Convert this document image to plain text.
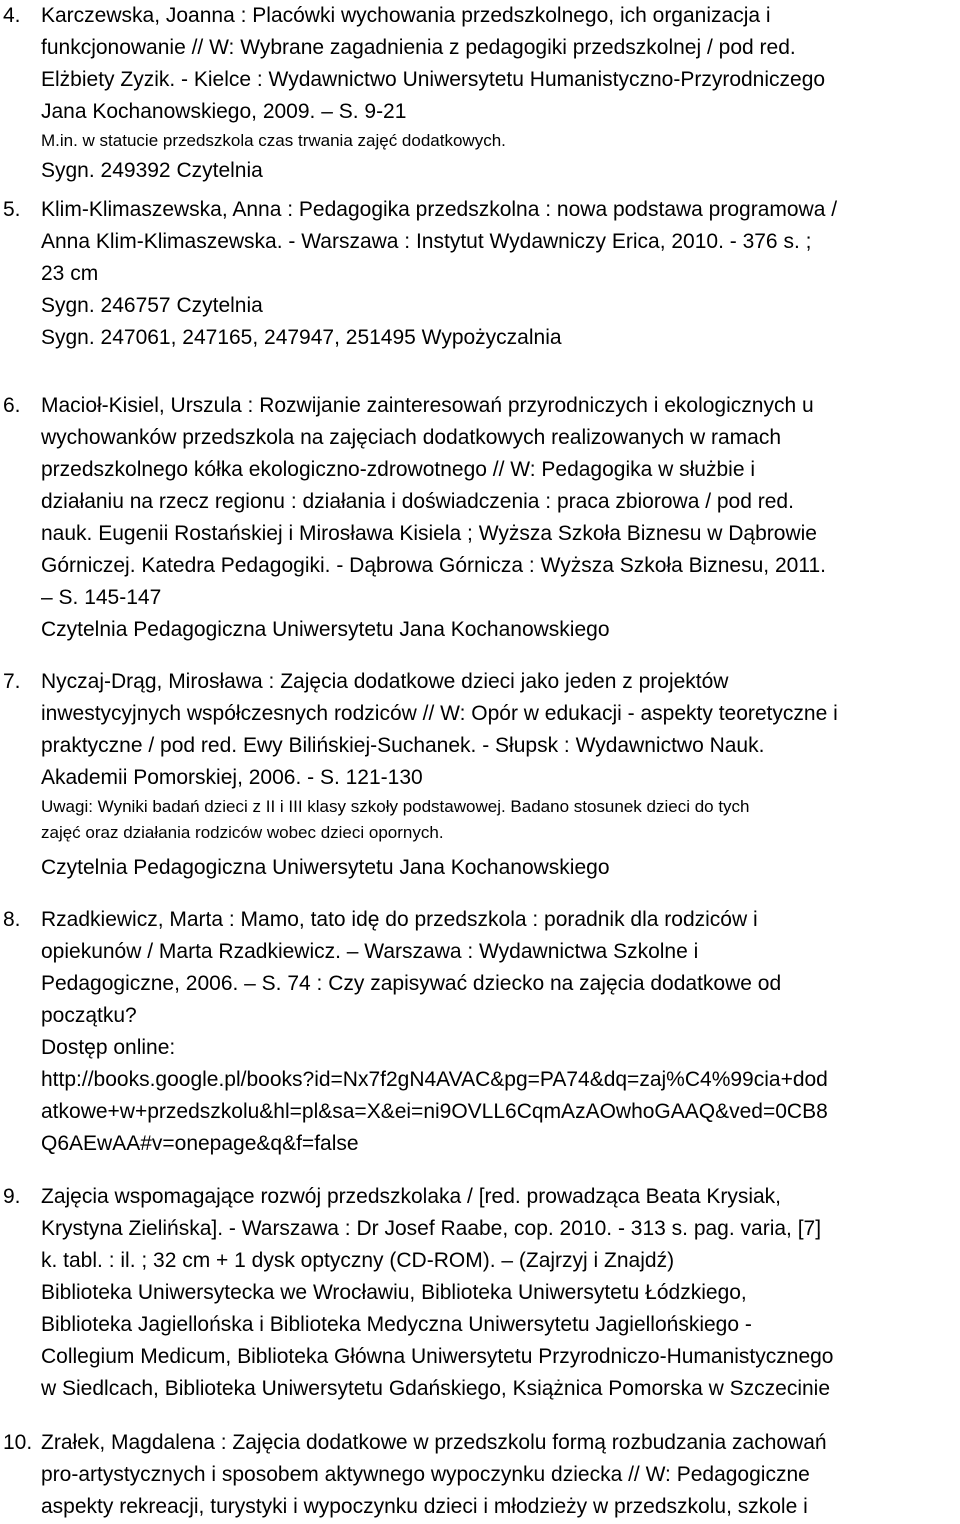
4. Karczewska, Joanna : Placówki wychowania przedszkolnego, ich organizacja i
funkcjonowanie // W: Wybrane zagadnienia z pedagogiki przedszkolnej / pod red.
Elżbiety Zyzik. - Kielce : Wydawnictwo Uniwersytetu Humanistyczno-Przyrodniczego
Jana Kochanowskiego, 2009. – S. 9-21
M.in. w statucie przedszkola czas trwania zajęć dodatkowych.
Sygn. 249392 Czytelnia
5. Klim-Klimaszewska, Anna : Pedagogika przedszkolna : nowa podstawa programowa /
Anna Klim-Klimaszewska. - Warszawa : Instytut Wydawniczy Erica, 2010. - 376 s. ;
23 cm
Sygn. 246757 Czytelnia
Sygn. 247061, 247165, 247947, 251495 Wypożyczalnia
6. Macioł-Kisiel, Urszula : Rozwijanie zainteresowań przyrodniczych i ekologicznych u
wychowanków przedszkola na zajęciach dodatkowych realizowanych w ramach
przedszkolnego kółka ekologiczno-zdrowotnego // W: Pedagogika w służbie i
działaniu na rzecz regionu : działania i doświadczenia : praca zbiorowa / pod red.
nauk. Eugenii Rostańskiej i Mirosława Kisiela ; Wyższa Szkoła Biznesu w Dąbrowie
Górniczej. Katedra Pedagogiki. - Dąbrowa Górnicza : Wyższa Szkoła Biznesu, 2011.
– S. 145-147
Czytelnia Pedagogiczna Uniwersytetu Jana Kochanowskiego
7. Nyczaj-Drąg, Mirosława : Zajęcia dodatkowe dzieci jako jeden z projektów
inwestycyjnych współczesnych rodziców // W: Opór w edukacji - aspekty teoretyczne i
praktyczne / pod red. Ewy Bilińskiej-Suchanek. - Słupsk : Wydawnictwo Nauk.
Akademii Pomorskiej, 2006. - S. 121-130
Uwagi: Wyniki badań dzieci z II i III klasy szkoły podstawowej. Badano stosunek dzieci do tych
zajęć oraz działania rodziców wobec dzieci opornych.
Czytelnia Pedagogiczna Uniwersytetu Jana Kochanowskiego
8. Rzadkiewicz, Marta : Mamo, tato idę do przedszkola : poradnik dla rodziców i
opiekunów / Marta Rzadkiewicz. – Warszawa : Wydawnictwa Szkolne i
Pedagogiczne, 2006. – S. 74 : Czy zapisywać dziecko na zajęcia dodatkowe od
początku?
Dostęp online:
http://books.google.pl/books?id=Nx7f2gN4AVAC&pg=PA74&dq=zaj%C4%99cia+dod
atkowe+w+przedszkolu&hl=pl&sa=X&ei=ni9OVLL6CqmAzAOwhoGAAQ&ved=0CB8
Q6AEwAA#v=onepage&q&f=false
9. Zajęcia wspomagające rozwój przedszkolaka / [red. prowadząca Beata Krysiak,
Krystyna Zielińska]. - Warszawa : Dr Josef Raabe, cop. 2010. - 313 s. pag. varia, [7]
k. tabl. : il. ; 32 cm + 1 dysk optyczny (CD-ROM). – (Zajrzyj i Znajdź)
Biblioteka Uniwersytecka we Wrocławiu, Biblioteka Uniwersytetu Łódzkiego,
Biblioteka Jagiellońska i Biblioteka Medyczna Uniwersytetu Jagiellońskiego -
Collegium Medicum, Biblioteka Główna Uniwersytetu Przyrodniczo-Humanistycznego
w Siedlcach, Biblioteka Uniwersytetu Gdańskiego, Książnica Pomorska w Szczecinie
10. Zrałek, Magdalena : Zajęcia dodatkowe w przedszkolu formą rozbudzania zachowań
pro-artystycznych i sposobem aktywnego wypoczynku dziecka // W: Pedagogiczne
aspekty rekreacji, turystyki i wypoczynku dzieci i młodzieży w przedszkolu, szkole i
